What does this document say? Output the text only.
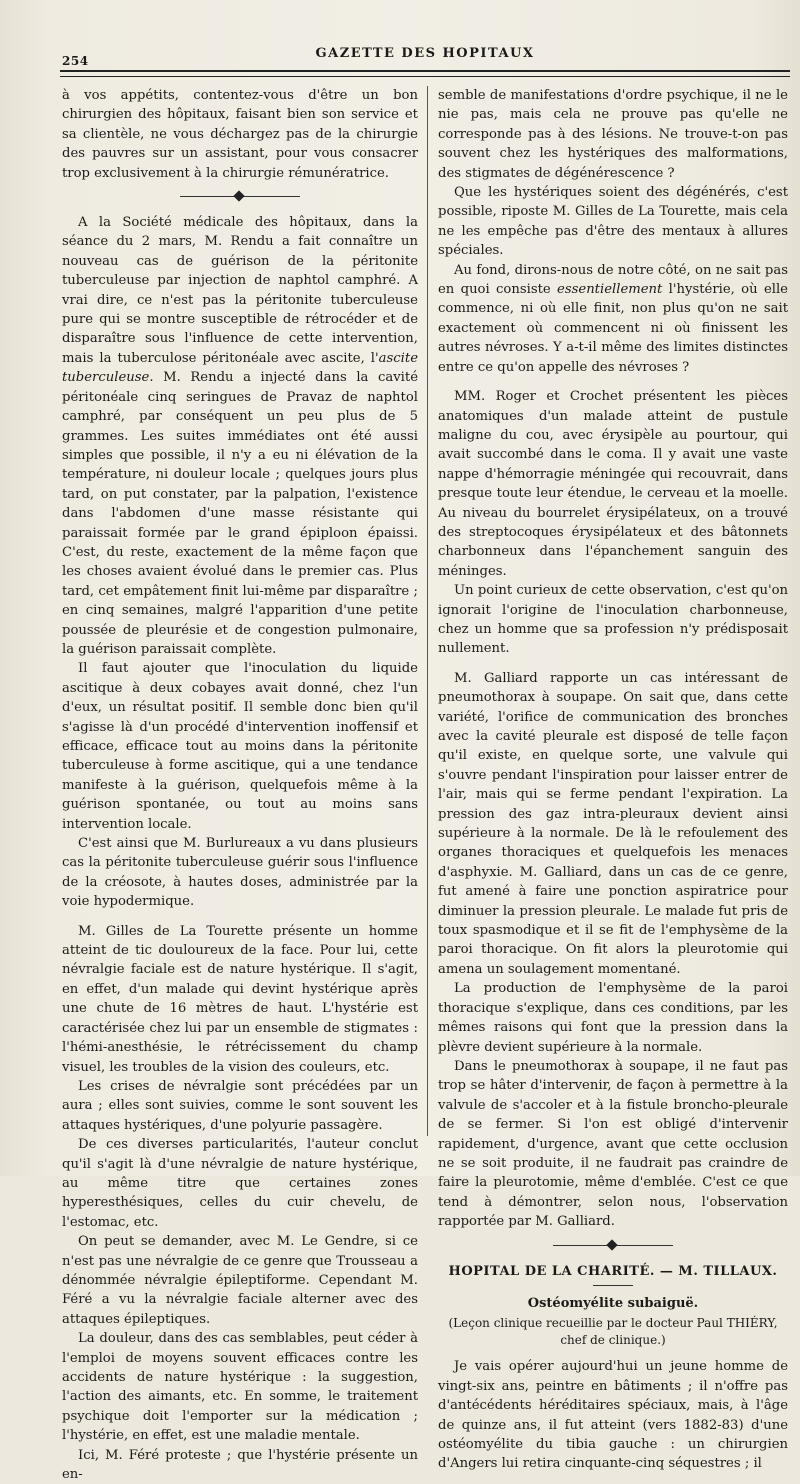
254	GAZETTE DES HOPITAUX

à vos appétits, contentez-vous d'être un bon chirurgien des hôpitaux, faisant bien son service et sa clientèle, ne vous déchargez pas de la chirurgie des pauvres sur un assistant, pour vous consacrer trop exclusivement à la chirurgie rémunératrice.

A la Société médicale des hôpitaux, dans la séance du 2 mars, M. Rendu a fait connaître un nouveau cas de guérison de la péritonite tuberculeuse par injection de naphtol camphré. A vrai dire, ce n'est pas la péritonite tuberculeuse pure qui se montre susceptible de rétrocéder et de disparaître sous l'influence de cette intervention, mais la tuberculose péritonéale avec ascite, l'ascite tuberculeuse. M. Rendu a injecté dans la cavité péritonéale cinq seringues de Pravaz de naphtol camphré, par conséquent un peu plus de 5 grammes. Les suites immédiates ont été aussi simples que possible, il n'y a eu ni élévation de la température, ni douleur locale ; quelques jours plus tard, on put constater, par la palpation, l'existence dans l'abdomen d'une masse résistante qui paraissait formée par le grand épiploon épaissi. C'est, du reste, exactement de la même façon que les choses avaient évolué dans le premier cas. Plus tard, cet empâtement finit lui-même par disparaître ; en cinq semaines, malgré l'apparition d'une petite poussée de pleurésie et de congestion pulmonaire, la guérison paraissait complète.

Il faut ajouter que l'inoculation du liquide ascitique à deux cobayes avait donné, chez l'un d'eux, un résultat positif. Il semble donc bien qu'il s'agisse là d'un procédé d'intervention inoffensif et efficace, efficace tout au moins dans la péritonite tuberculeuse à forme ascitique, qui a une tendance manifeste à la guérison, quelquefois même à la guérison spontanée, ou tout au moins sans intervention locale.

C'est ainsi que M. Burlureaux a vu dans plusieurs cas la péritonite tuberculeuse guérir sous l'influence de la créosote, à hautes doses, administrée par la voie hypodermique.

M. Gilles de La Tourette présente un homme atteint de tic douloureux de la face. Pour lui, cette névralgie faciale est de nature hystérique. Il s'agit, en effet, d'un malade qui devint hystérique après une chute de 16 mètres de haut. L'hystérie est caractérisée chez lui par un ensemble de stigmates : l'hémi-anesthésie, le rétrécissement du champ visuel, les troubles de la vision des couleurs, etc.

Les crises de névralgie sont précédées par un aura ; elles sont suivies, comme le sont souvent les attaques hystériques, d'une polyurie passagère.

De ces diverses particularités, l'auteur conclut qu'il s'agit là d'une névralgie de nature hystérique, au même titre que certaines zones hyperesthésiques, celles du cuir chevelu, de l'estomac, etc.

On peut se demander, avec M. Le Gendre, si ce n'est pas une névralgie de ce genre que Trousseau a dénommée névralgie épileptiforme. Cependant M. Féré a vu la névralgie faciale alterner avec des attaques épileptiques.

La douleur, dans des cas semblables, peut céder à l'emploi de moyens souvent efficaces contre les accidents de nature hystérique : la suggestion, l'action des aimants, etc. En somme, le traitement psychique doit l'emporter sur la médication ; l'hystérie, en effet, est une maladie mentale.

Ici, M. Féré proteste ; que l'hystérie présente un en-

semble de manifestations d'ordre psychique, il ne le nie pas, mais cela ne prouve pas qu'elle ne corresponde pas à des lésions. Ne trouve-t-on pas souvent chez les hystériques des malformations, des stigmates de dégénérescence ?

Que les hystériques soient des dégénérés, c'est possible, riposte M. Gilles de La Tourette, mais cela ne les empêche pas d'être des mentaux à allures spéciales.

Au fond, dirons-nous de notre côté, on ne sait pas en quoi consiste essentiellement l'hystérie, où elle commence, ni où elle finit, non plus qu'on ne sait exactement où commencent ni où finissent les autres névroses. Y a-t-il même des limites distinctes entre ce qu'on appelle des névroses ?

MM. Roger et Crochet présentent les pièces anatomiques d'un malade atteint de pustule maligne du cou, avec érysipèle au pourtour, qui avait succombé dans le coma. Il y avait une vaste nappe d'hémorragie méningée qui recouvrait, dans presque toute leur étendue, le cerveau et la moelle. Au niveau du bourrelet érysipélateux, on a trouvé des streptocoques érysipélateux et des bâtonnets charbonneux dans l'épanchement sanguin des méninges.

Un point curieux de cette observation, c'est qu'on ignorait l'origine de l'inoculation charbonneuse, chez un homme que sa profession n'y prédisposait nullement.

M. Galliard rapporte un cas intéressant de pneumothorax à soupape. On sait que, dans cette variété, l'orifice de communication des bronches avec la cavité pleurale est disposé de telle façon qu'il existe, en quelque sorte, une valvule qui s'ouvre pendant l'inspiration pour laisser entrer de l'air, mais qui se ferme pendant l'expiration. La pression des gaz intra-pleuraux devient ainsi supérieure à la normale. De là le refoulement des organes thoraciques et quelquefois les menaces d'asphyxie. M. Galliard, dans un cas de ce genre, fut amené à faire une ponction aspiratrice pour diminuer la pression pleurale. Le malade fut pris de toux spasmodique et il se fit de l'emphysème de la paroi thoracique. On fit alors la pleurotomie qui amena un soulagement momentané.

La production de l'emphysème de la paroi thoracique s'explique, dans ces conditions, par les mêmes raisons qui font que la pression dans la plèvre devient supérieure à la normale.

Dans le pneumothorax à soupape, il ne faut pas trop se hâter d'intervenir, de façon à permettre à la valvule de s'accoler et à la fistule broncho-pleurale de se fermer. Si l'on est obligé d'intervenir rapidement, d'urgence, avant que cette occlusion ne se soit produite, il ne faudrait pas craindre de faire la pleurotomie, même d'emblée. C'est ce que tend à démontrer, selon nous, l'observation rapportée par M. Galliard.

HOPITAL DE LA CHARITÉ. — M. TILLAUX.
Ostéomyélite subaiguë.
(Leçon clinique recueillie par le docteur Paul THIÉRY, chef de clinique.)

Je vais opérer aujourd'hui un jeune homme de vingt-six ans, peintre en bâtiments ; il n'offre pas d'antécédents héréditaires spéciaux, mais, à l'âge de quinze ans, il fut atteint (vers 1882-83) d'une ostéomyélite du tibia gauche : un chirurgien d'Angers lui retira cinquante-cinq séquestres ; il
